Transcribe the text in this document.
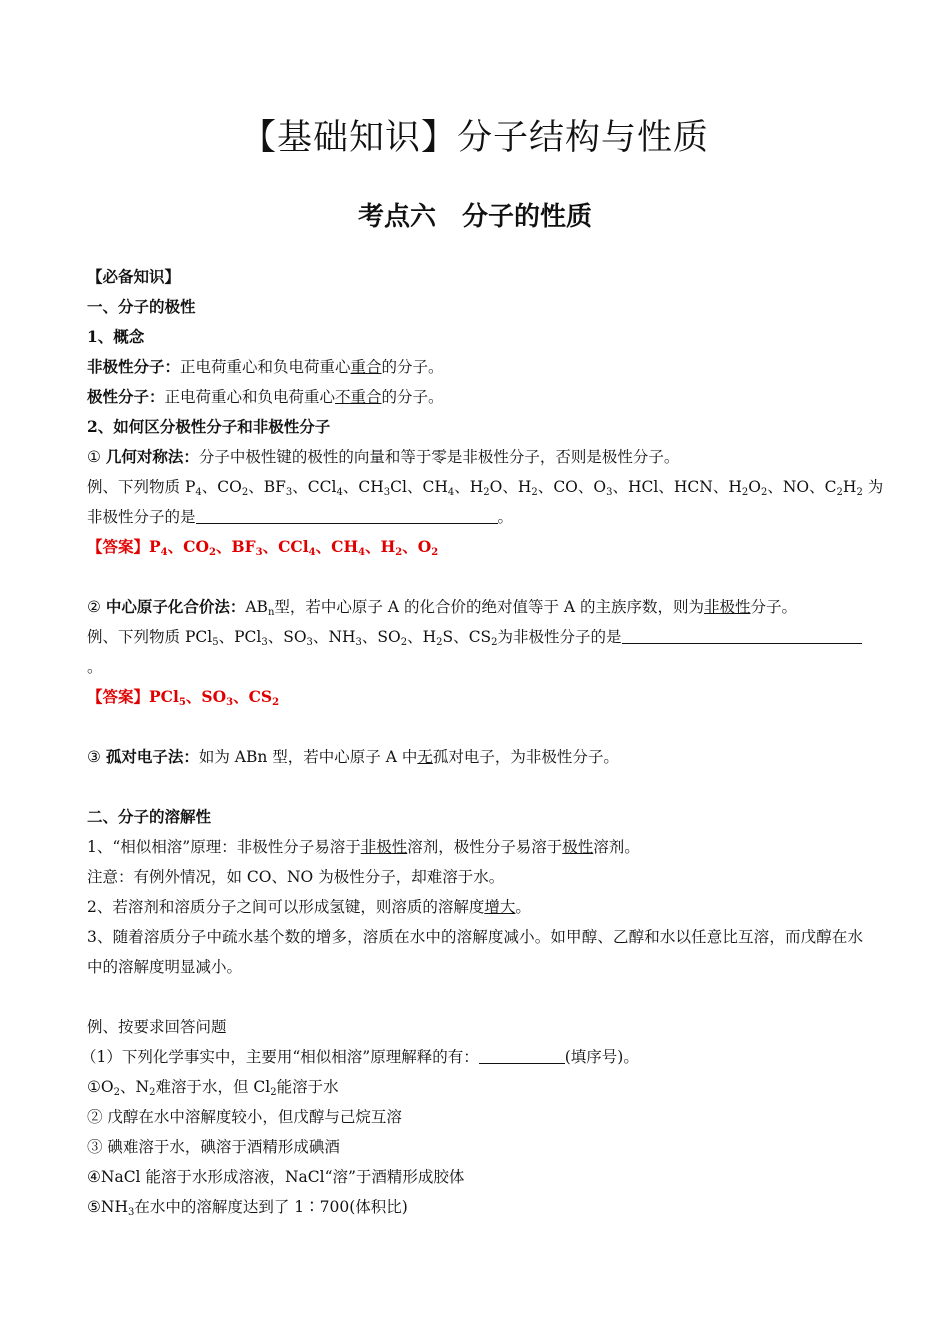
【基础知识】分子结构与性质
考点六　分子的性质
【必备知识】
一、分子的极性
1、概念
非极性分子：正电荷重心和负电荷重心重合的分子。
极性分子：正电荷重心和负电荷重心不重合的分子。
2、如何区分极性分子和非极性分子
① 几何对称法：分子中极性键的极性的向量和等于零是非极性分子，否则是极性分子。
例、下列物质 $P_4$、$CO_2$、$BF_3$、CCl$_4$、$CH_3Cl$、$CH_4$、$H_2O$、$H_2$、CO、$O_3$、HCl、HCN、$H_2O_2$、NO、$C_2H_2$ 为
非极性分子的是	。
【答案】$P_4$、$CO_2$、$BF_3$、CCl$_4$、$CH_4$、$H_2$、$O_2$
② 中心原子化合价法：$AB_n$型，若中心原子 A 的化合价的绝对值等于 A 的主族序数，则为非极性分子。
例、下列物质 PCl$_5$、PCl$_3$、$SO_3$、$NH_3$、$SO_2$、$H_2S$、$CS_2$为非极性分子的是
。
【答案】PCl$_5$、$SO_3$、$CS_2$
③ 孤对电子法：如为 ABn 型，若中心原子 A 中无孤对电子，为非极性分子。
二、分子的溶解性
1、“相似相溶”原理：非极性分子易溶于非极性溶剂，极性分子易溶于极性溶剂。
注意：有例外情况，如 CO、NO 为极性分子，却难溶于水。
2、若溶剂和溶质分子之间可以形成氢键，则溶质的溶解度增大。
3、随着溶质分子中疏水基个数的增多，溶质在水中的溶解度减小。如甲醇、乙醇和水以任意比互溶，而戊醇在水中的溶解度明显减小。
例、按要求回答问题
（1）下列化学事实中，主要用“相似相溶”原理解释的有：	(填序号)。
$①O_2$、$N_2$难溶于水，但 $Cl_2$能溶于水
② 戊醇在水中溶解度较小，但戊醇与己烷互溶
③ 碘难溶于水，碘溶于酒精形成碘酒
④NaCl 能溶于水形成溶液，NaCl“溶”于酒精形成胶体
$⑤NH_3$在水中的溶解度达到了 1∶700(体积比)
